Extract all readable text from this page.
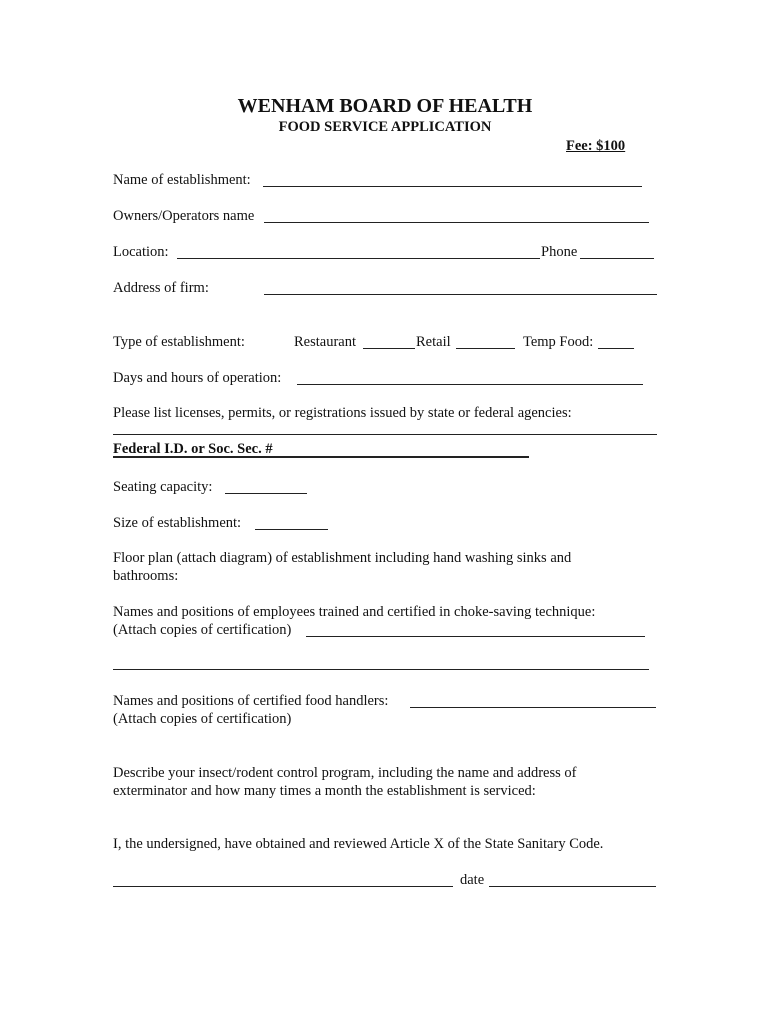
WENHAM BOARD OF HEALTH
FOOD SERVICE APPLICATION
Fee: $100
Name of establishment:
Owners/Operators name
Location:	Phone
Address of firm:
Type of establishment:	Restaurant	Retail	Temp Food:
Days and hours of operation:
Please list licenses, permits, or registrations issued by state or federal agencies:
Federal I.D. or Soc. Sec. #
Seating capacity:
Size of establishment:
Floor plan (attach diagram) of establishment including hand washing sinks and
bathrooms:
Names and positions of employees trained and certified in choke-saving technique:
(Attach copies of certification)
Names and positions of certified food handlers:
(Attach copies of certification)
Describe your insect/rodent control program, including the name and address of
exterminator and how many times a month the establishment is serviced:
I, the undersigned, have obtained and reviewed Article X of the State Sanitary Code.
date
